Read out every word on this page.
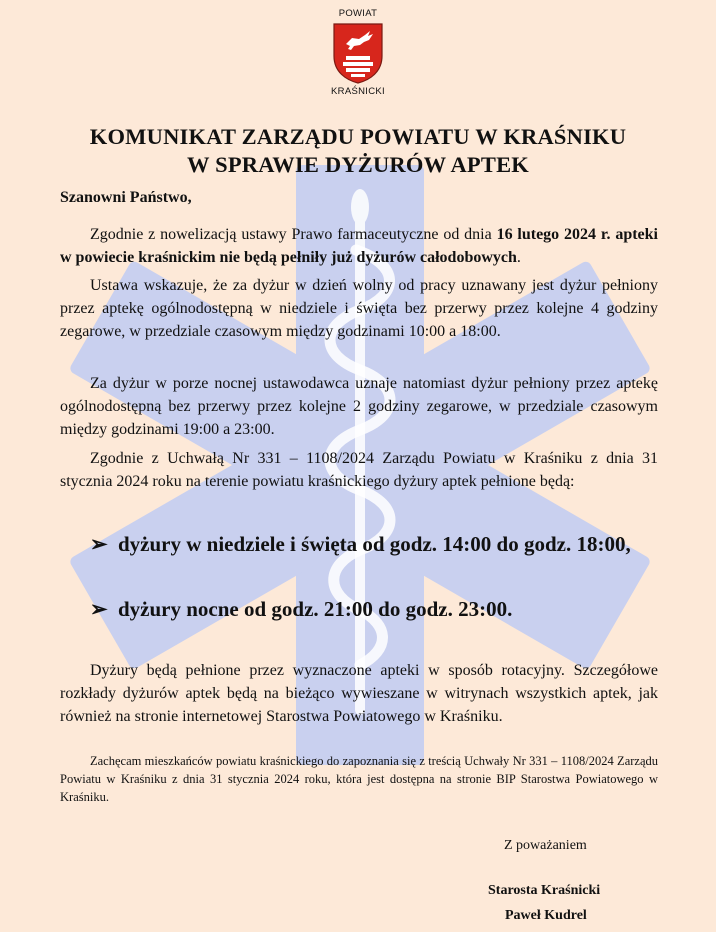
POWIAT
KRAŚNICKI
KOMUNIKAT ZARZĄDU POWIATU W KRAŚNIKU
W SPRAWIE DYŻURÓW APTEK
Szanowni Państwo,
Zgodnie z nowelizacją ustawy Prawo farmaceutyczne od dnia 16 lutego 2024 r. apteki w powiecie kraśnickim nie będą pełniły już dyżurów całodobowych.
Ustawa wskazuje, że za dyżur w dzień wolny od pracy uznawany jest dyżur pełniony przez aptekę ogólnodostępną w niedziele i święta bez przerwy przez kolejne 4 godziny zegarowe, w przedziale czasowym między godzinami 10:00 a 18:00.
Za dyżur w porze nocnej ustawodawca uznaje natomiast dyżur pełniony przez aptekę ogólnodostępną bez przerwy przez kolejne 2 godziny zegarowe, w przedziale czasowym między godzinami 19:00 a 23:00.
Zgodnie z Uchwałą Nr 331 – 1108/2024 Zarządu Powiatu w Kraśniku z dnia 31 stycznia 2024 roku na terenie powiatu kraśnickiego dyżury aptek pełnione będą:
➢ dyżury w niedziele i święta od godz. 14:00 do godz. 18:00,
➢ dyżury nocne od godz. 21:00 do godz. 23:00.
Dyżury będą pełnione przez wyznaczone apteki w sposób rotacyjny. Szczegółowe rozkłady dyżurów aptek będą na bieżąco wywieszane w witrynach wszystkich aptek, jak również na stronie internetowej Starostwa Powiatowego w Kraśniku.
Zachęcam mieszkańców powiatu kraśnickiego do zapoznania się z treścią Uchwały Nr 331 – 1108/2024 Zarządu Powiatu w Kraśniku z dnia 31 stycznia 2024 roku, która jest dostępna na stronie BIP Starostwa Powiatowego w Kraśniku.
Z poważaniem
Starosta Kraśnicki
Paweł Kudrel
